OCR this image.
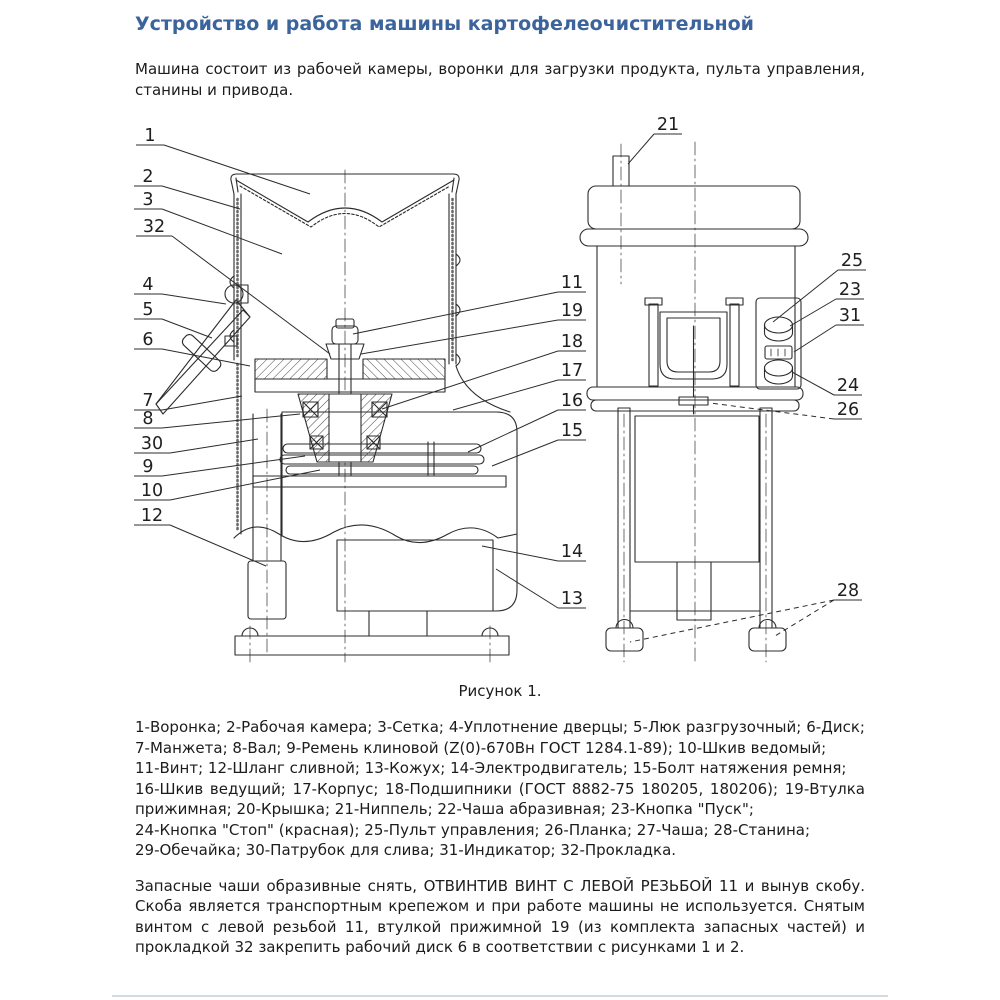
Устройство и работа машины картофелеочистительной

Машина состоит из рабочей камеры, воронки для загрузки продукта, пульта управления, станины и привода.

1
2
3
32
4
5
6
7
8
30
9
10
12
11
19
18
17
16
15
14
13
21
25
23
31
24
26
28
Рисунок 1.

1-Воронка; 2-Рабочая камера; 3-Сетка; 4-Уплотнение дверцы; 5-Люк разгрузочный; 6-Диск; 7-Манжета; 8-Вал; 9-Ремень клиновой (Z(0)-670Вн ГОСТ 1284.1-89); 10-Шкив ведомый;

11-Винт; 12-Шланг сливной; 13-Кожух; 14-Электродвигатель; 15-Болт натяжения ремня;

16-Шкив ведущий; 17-Корпус; 18-Подшипники (ГОСТ 8882-75 180205, 180206); 19-Втулка прижимная; 20-Крышка; 21-Ниппель; 22-Чаша абразивная; 23-Кнопка "Пуск";

24-Кнопка "Стоп" (красная); 25-Пульт управления; 26-Планка; 27-Чаша; 28-Станина;

29-Обечайка; 30-Патрубок для слива; 31-Индикатор; 32-Прокладка.

Запасные чаши образивные снять, ОТВИНТИВ ВИНТ С ЛЕВОЙ РЕЗЬБОЙ 11 и вынув скобу. Скоба является транспортным крепежом и при работе машины не используется. Снятым винтом с левой резьбой 11, втулкой прижимной 19 (из комплекта запасных частей) и прокладкой 32 закрепить рабочий диск 6 в соответствии с рисунками 1 и 2.
